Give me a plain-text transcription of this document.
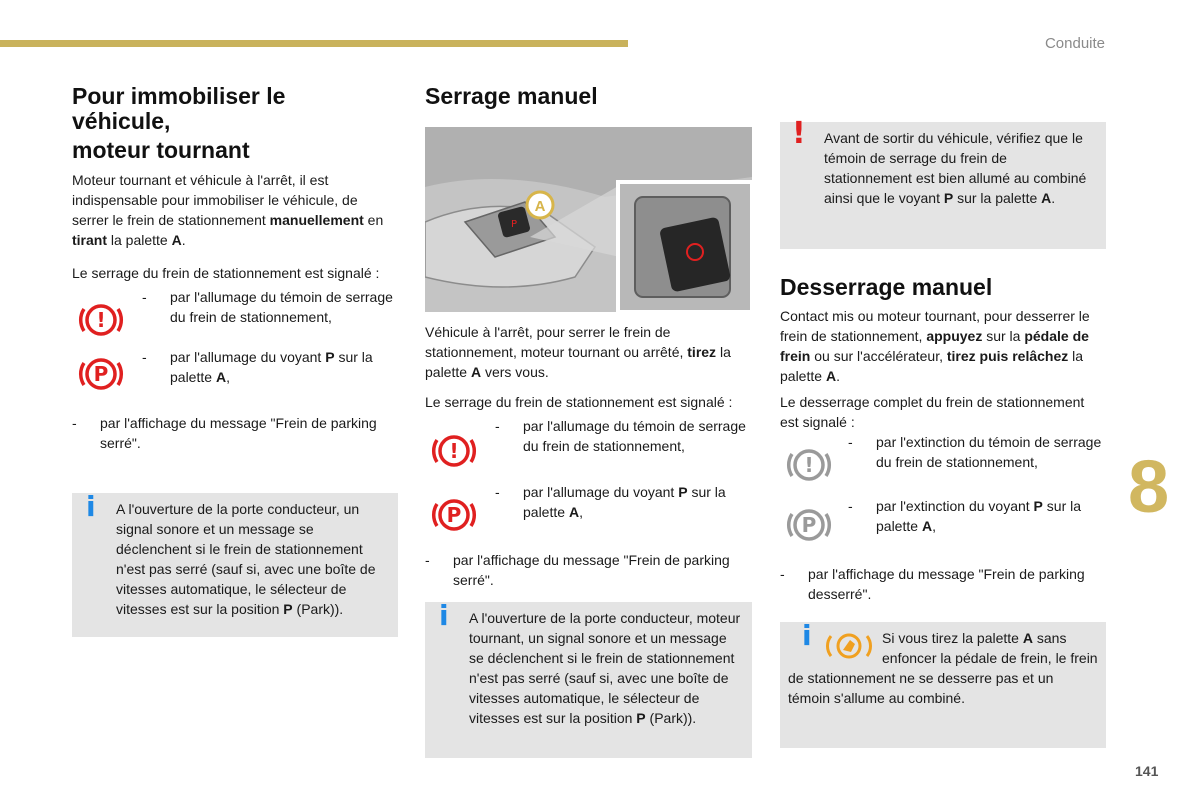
Conduite
Pour immobiliser le
véhicule,
moteur tournant

Moteur tournant et véhicule à l'arrêt, il est indispensable pour immobiliser le véhicule, de serrer le frein de stationnement manuellement en tirant la palette A.

Le serrage du frein de stationnement est signalé :

!
P
-	par l'allumage du témoin de serrage du frein de stationnement,
-	par l'allumage du voyant P sur la palette A,
-	par l'affichage du message "Frein de parking serré".
i A l'ouverture de la porte conducteur, un signal sonore et un message se déclenchent si le frein de stationnement n'est pas serré (sauf si, avec une boîte de vitesses automatique, le sélecteur de vitesses est sur la position P (Park)).
Serrage manuel
P
A

Véhicule à l'arrêt, pour serrer le frein de stationnement, moteur tournant ou arrêté, tirez la palette A vers vous.

Le serrage du frein de stationnement est signalé :

!
P
-	par l'allumage du témoin de serrage du frein de stationnement,
-	par l'allumage du voyant P sur la palette A,
-	par l'affichage du message "Frein de parking serré".
i A l'ouverture de la porte conducteur, moteur tournant, un signal sonore et un message se déclenchent si le frein de stationnement n'est pas serré (sauf si, avec une boîte de vitesses automatique, le sélecteur de vitesses est sur la position P (Park)).
! Avant de sortir du véhicule, vérifiez que le témoin de serrage du frein de stationnement est bien allumé au combiné ainsi que le voyant P sur la palette A.
Desserrage manuel

Contact mis ou moteur tournant, pour desserrer le frein de stationnement, appuyez sur la pédale de frein ou sur l'accélérateur, tirez puis relâchez la palette A.

Le desserrage complet du frein de stationnement est signalé :

!
P
-	par l'extinction du témoin de serrage du frein de stationnement,
-	par l'extinction du voyant P sur la palette A,
-	par l'affichage du message "Frein de parking desserré".
i	Si vous tirez la palette A sans enfoncer la pédale de frein, le frein de stationnement ne se desserre pas et un témoin s'allume au combiné.
8
141
